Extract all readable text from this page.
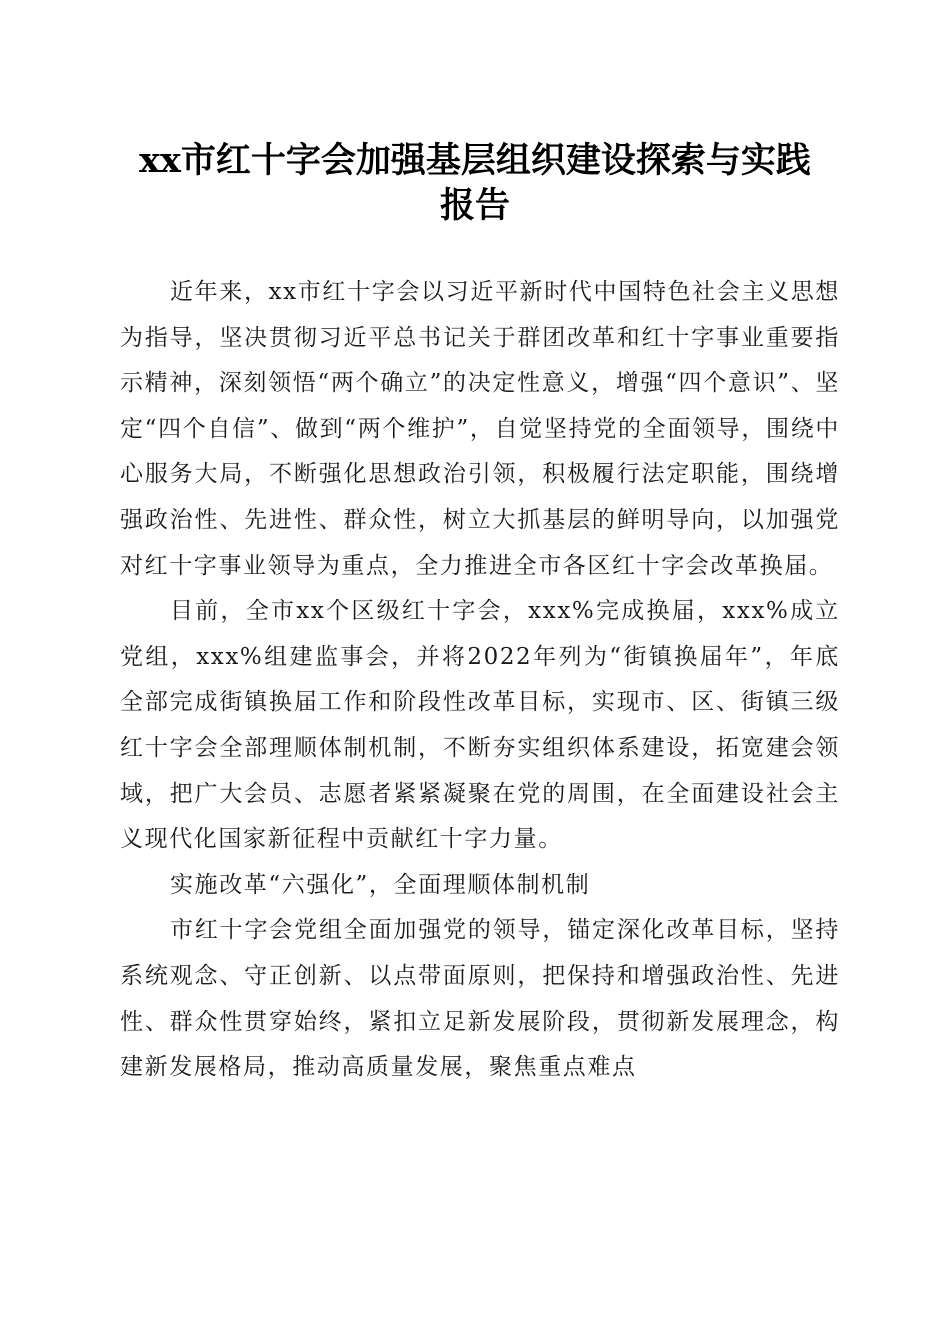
xx市红十字会加强基层组织建设探索与实践
报告

近年来，xx市红十字会以习近平新时代中国特色社会主义思想为指导，坚决贯彻习近平总书记关于群团改革和红十字事业重要指示精神，深刻领悟“两个确立”的决定性意义，增强“四个意识”、坚定“四个自信”、做到“两个维护”，自觉坚持党的全面领导，围绕中心服务大局，不断强化思想政治引领，积极履行法定职能，围绕增强政治性、先进性、群众性，树立大抓基层的鲜明导向，以加强党对红十字事业领导为重点，全力推进全市各区红十字会改革换届。

目前，全市xx个区级红十字会，xxx%完成换届，xxx%成立党组，xxx%组建监事会，并将2022年列为“街镇换届年”，年底全部完成街镇换届工作和阶段性改革目标，实现市、区、街镇三级红十字会全部理顺体制机制，不断夯实组织体系建设，拓宽建会领域，把广大会员、志愿者紧紧凝聚在党的周围，在全面建设社会主义现代化国家新征程中贡献红十字力量。

实施改革“六强化”，全面理顺体制机制

市红十字会党组全面加强党的领导，锚定深化改革目标，坚持系统观念、守正创新、以点带面原则，把保持和增强政治性、先进性、群众性贯穿始终，紧扣立足新发展阶段，贯彻新发展理念，构建新发展格局，推动高质量发展，聚焦重点难点
